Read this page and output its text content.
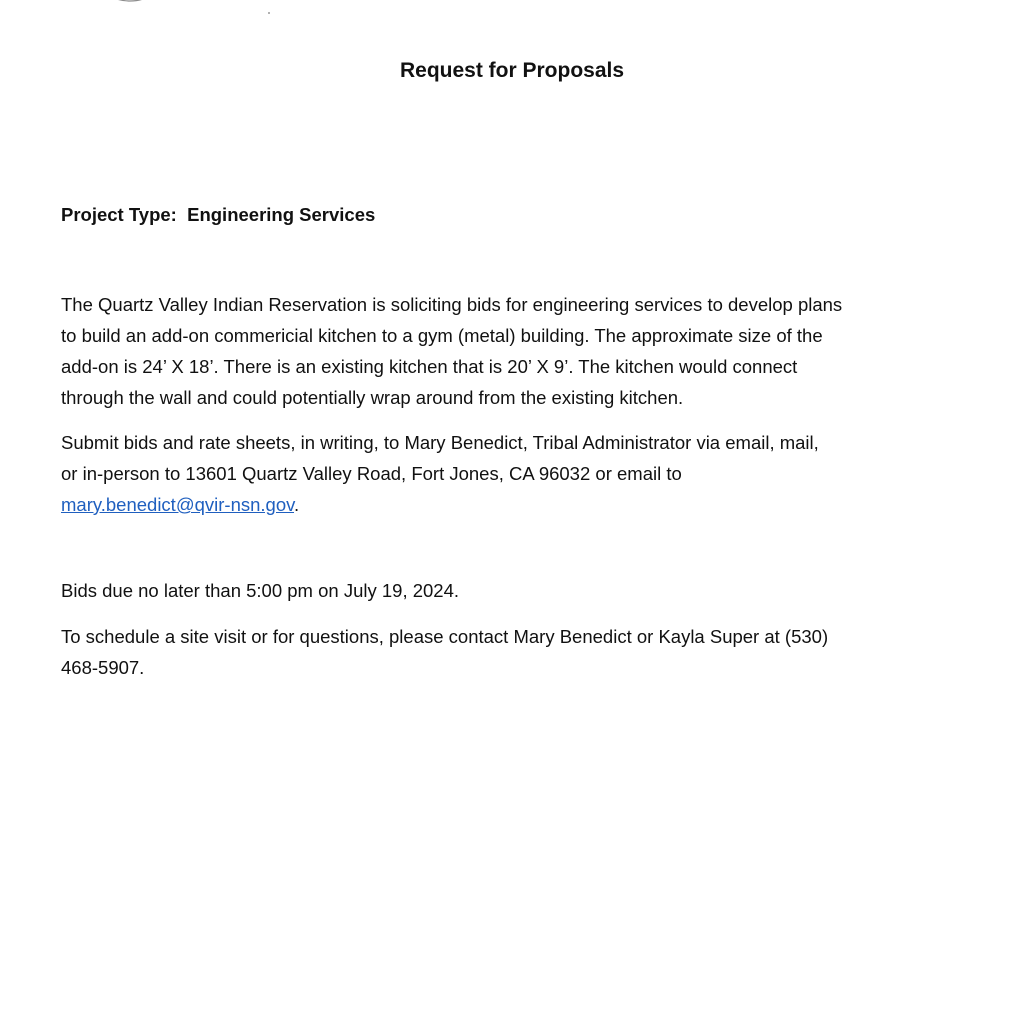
Request for Proposals
Project Type: Engineering Services

The Quartz Valley Indian Reservation is soliciting bids for engineering services to develop plans
to build an add-on commericial kitchen to a gym (metal) building. The approximate size of the
add-on is 24’ X 18’. There is an existing kitchen that is 20’ X 9’. The kitchen would connect
through the wall and could potentially wrap around from the existing kitchen.

Submit bids and rate sheets, in writing, to Mary Benedict, Tribal Administrator via email, mail,
or in-person to 13601 Quartz Valley Road, Fort Jones, CA 96032 or email to
mary.benedict@qvir-nsn.gov.

Bids due no later than 5:00 pm on July 19, 2024.

To schedule a site visit or for questions, please contact Mary Benedict or Kayla Super at (530)
468-5907.
